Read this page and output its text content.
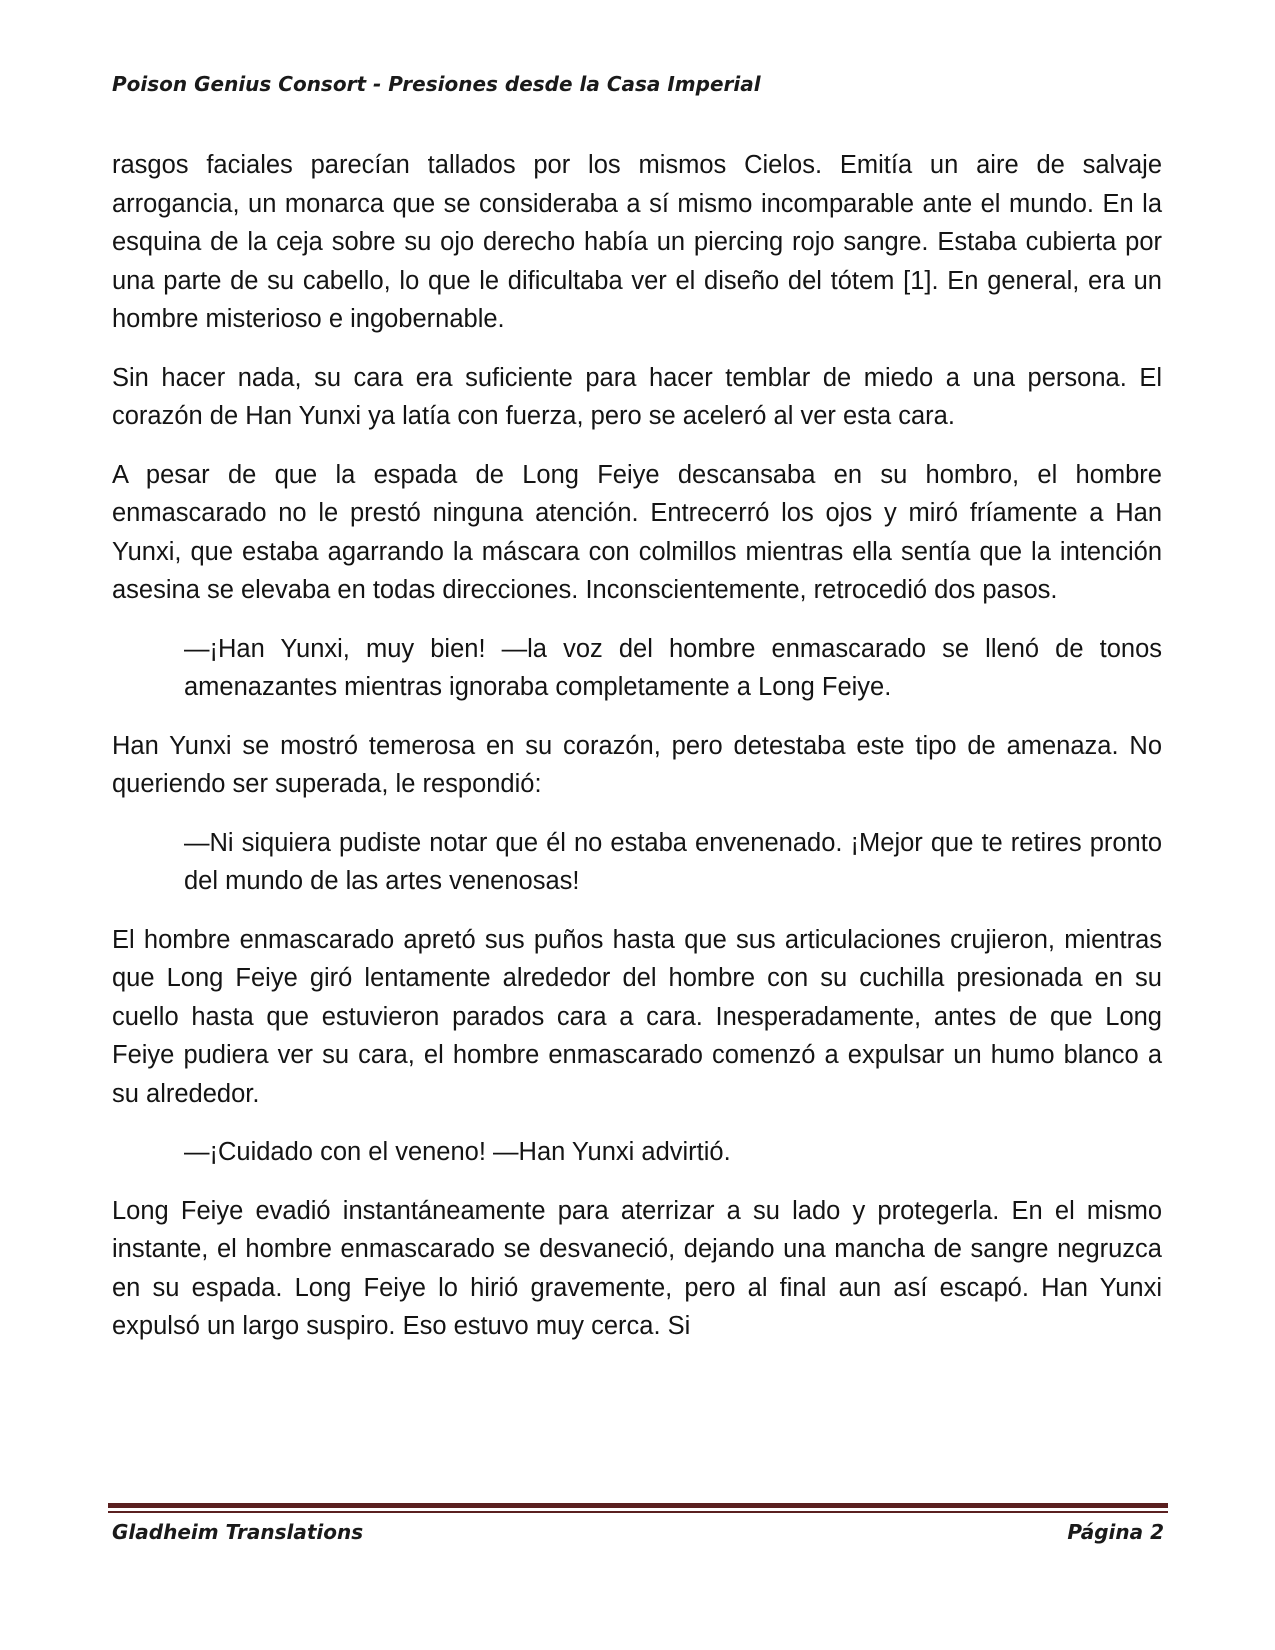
Poison Genius Consort - Presiones desde la Casa Imperial

rasgos faciales parecían tallados por los mismos Cielos. Emitía un aire de salvaje arrogancia, un monarca que se consideraba a sí mismo incomparable ante el mundo. En la esquina de la ceja sobre su ojo derecho había un piercing rojo sangre. Estaba cubierta por una parte de su cabello, lo que le dificultaba ver el diseño del tótem [1]. En general, era un hombre misterioso e ingobernable.

Sin hacer nada, su cara era suficiente para hacer temblar de miedo a una persona. El corazón de Han Yunxi ya latía con fuerza, pero se aceleró al ver esta cara.

A pesar de que la espada de Long Feiye descansaba en su hombro, el hombre enmascarado no le prestó ninguna atención. Entrecerró los ojos y miró fríamente a Han Yunxi, que estaba agarrando la máscara con colmillos mientras ella sentía que la intención asesina se elevaba en todas direcciones. Inconscientemente, retrocedió dos pasos.

—¡Han Yunxi, muy bien! —la voz del hombre enmascarado se llenó de tonos amenazantes mientras ignoraba completamente a Long Feiye.

Han Yunxi se mostró temerosa en su corazón, pero detestaba este tipo de amenaza. No queriendo ser superada, le respondió:

—Ni siquiera pudiste notar que él no estaba envenenado. ¡Mejor que te retires pronto del mundo de las artes venenosas!

El hombre enmascarado apretó sus puños hasta que sus articulaciones crujieron, mientras que Long Feiye giró lentamente alrededor del hombre con su cuchilla presionada en su cuello hasta que estuvieron parados cara a cara. Inesperadamente, antes de que Long Feiye pudiera ver su cara, el hombre enmascarado comenzó a expulsar un humo blanco a su alrededor.

—¡Cuidado con el veneno! —Han Yunxi advirtió.

Long Feiye evadió instantáneamente para aterrizar a su lado y protegerla. En el mismo instante, el hombre enmascarado se desvaneció, dejando una mancha de sangre negruzca en su espada. Long Feiye lo hirió gravemente, pero al final aun así escapó. Han Yunxi expulsó un largo suspiro. Eso estuvo muy cerca. Si

Gladheim Translations	Página 2
